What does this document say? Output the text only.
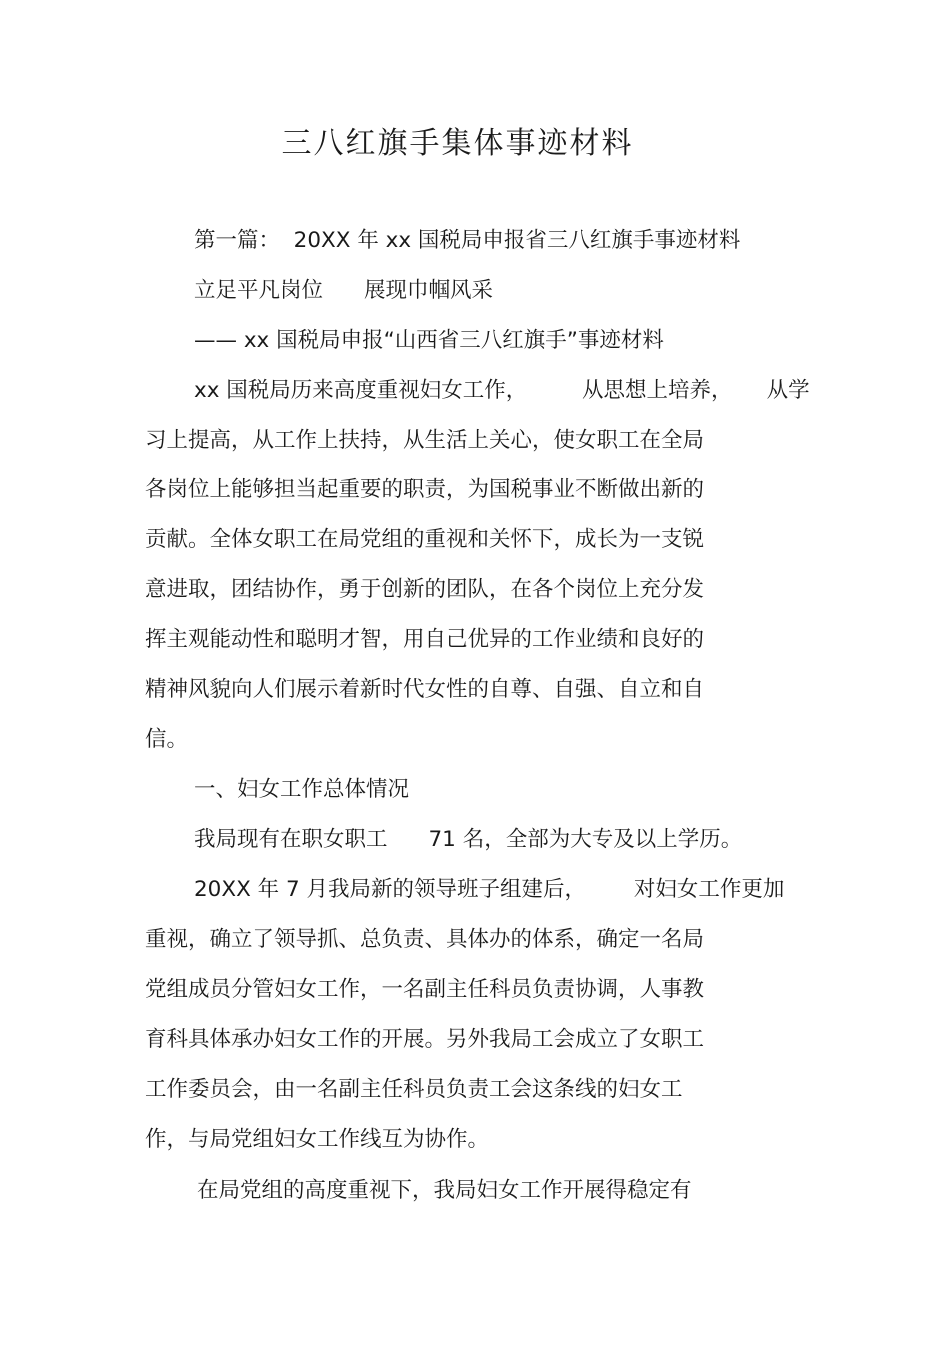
三八红旗手集体事迹材料
第一篇：  20XX 年 xx 国税局申报省三八红旗手事迹材料
立足平凡岗位      展现巾帼风采
—— xx 国税局申报“山西省三八红旗手”事迹材料
xx 国税局历来高度重视妇女工作，        从思想上培养，     从学
习上提高，从工作上扶持，从生活上关心，使女职工在全局
各岗位上能够担当起重要的职责，为国税事业不断做出新的
贡献。全体女职工在局党组的重视和关怀下，成长为一支锐
意进取，团结协作，勇于创新的团队，在各个岗位上充分发
挥主观能动性和聪明才智，用自己优异的工作业绩和良好的
精神风貌向人们展示着新时代女性的自尊、自强、自立和自
信。
一、妇女工作总体情况
我局现有在职女职工      71 名，全部为大专及以上学历。
20XX 年 7 月我局新的领导班子组建后，       对妇女工作更加
重视，确立了领导抓、总负责、具体办的体系，确定一名局
党组成员分管妇女工作，一名副主任科员负责协调，人事教
育科具体承办妇女工作的开展。另外我局工会成立了女职工
工作委员会，由一名副主任科员负责工会这条线的妇女工
作，与局党组妇女工作线互为协作。
在局党组的高度重视下，我局妇女工作开展得稳定有
